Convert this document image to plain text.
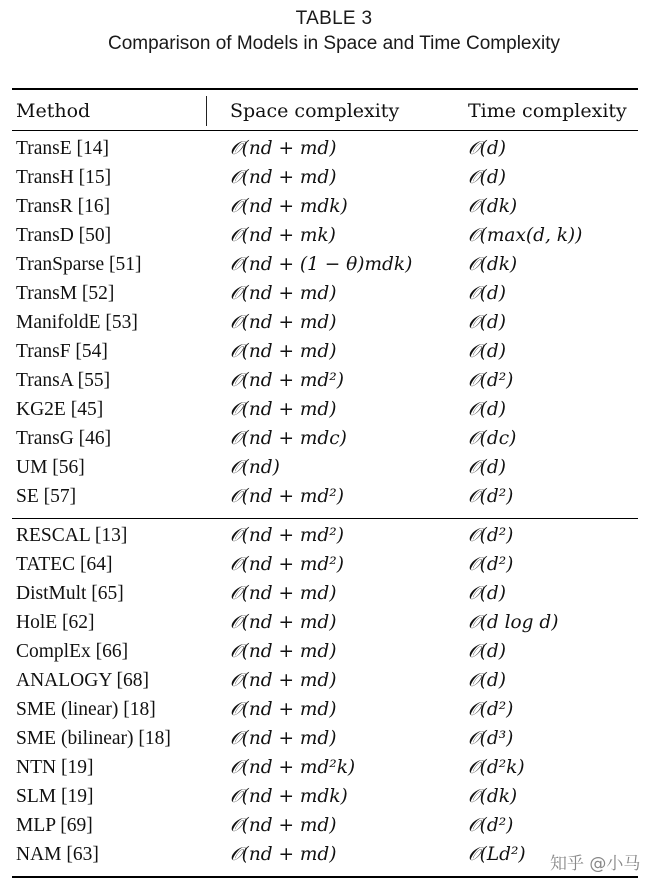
TABLE 3
Comparison of Models in Space and Time Complexity
Method	Space complexity	Time complexity
TransE [14]	𝒪(nd + md)	𝒪(d)
TransH [15]	𝒪(nd + md)	𝒪(d)
TransR [16]	𝒪(nd + mdk)	𝒪(dk)
TransD [50]	𝒪(nd + mk)	𝒪(max(d, k))
TranSparse [51]	𝒪(nd + (1 − θ)mdk)	𝒪(dk)
TransM [52]	𝒪(nd + md)	𝒪(d)
ManifoldE [53]	𝒪(nd + md)	𝒪(d)
TransF [54]	𝒪(nd + md)	𝒪(d)
TransA [55]	𝒪(nd + md²)	𝒪(d²)
KG2E [45]	𝒪(nd + md)	𝒪(d)
TransG [46]	𝒪(nd + mdc)	𝒪(dc)
UM [56]	𝒪(nd)	𝒪(d)
SE [57]	𝒪(nd + md²)	𝒪(d²)
RESCAL [13]	𝒪(nd + md²)	𝒪(d²)
TATEC [64]	𝒪(nd + md²)	𝒪(d²)
DistMult [65]	𝒪(nd + md)	𝒪(d)
HolE [62]	𝒪(nd + md)	𝒪(d log d)
ComplEx [66]	𝒪(nd + md)	𝒪(d)
ANALOGY [68]	𝒪(nd + md)	𝒪(d)
SME (linear) [18]	𝒪(nd + md)	𝒪(d²)
SME (bilinear) [18]	𝒪(nd + md)	𝒪(d³)
NTN [19]	𝒪(nd + md²k)	𝒪(d²k)
SLM [19]	𝒪(nd + mdk)	𝒪(dk)
MLP [69]	𝒪(nd + md)	𝒪(d²)
NAM [63]	𝒪(nd + md)	𝒪(Ld²) 知乎 @小马
